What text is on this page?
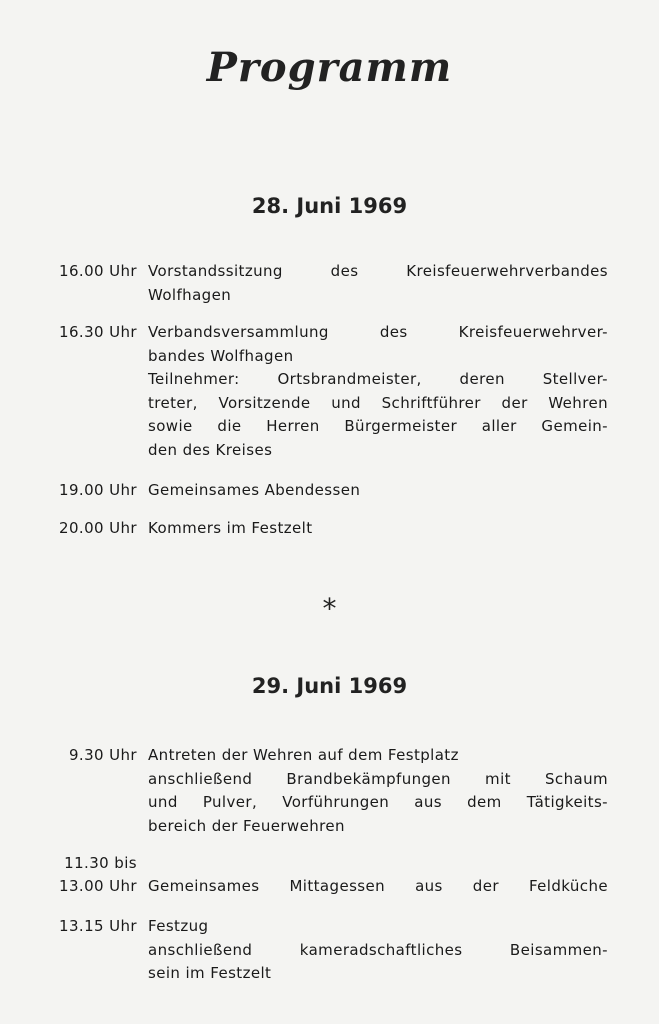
Programm
28. Juni 1969
16.00 Uhr Vorstandssitzung des Kreisfeuerwehrverbandes
Wolfhagen
16.30 Uhr Verbandsversammlung des Kreisfeuerwehrver-
bandes Wolfhagen
Teilnehmer: Ortsbrandmeister, deren Stellver-
treter, Vorsitzende und Schriftführer der Wehren
sowie die Herren Bürgermeister aller Gemein-
den des Kreises
19.00 Uhr Gemeinsames Abendessen
20.00 Uhr Kommers im Festzelt
*
29. Juni 1969
9.30 Uhr Antreten der Wehren auf dem Festplatz
anschließend Brandbekämpfungen mit Schaum
und Pulver, Vorführungen aus dem Tätigkeits-
bereich der Feuerwehren
11.30 bis
13.00 Uhr Gemeinsames Mittagessen aus der Feldküche
13.15 Uhr Festzug
anschließend kameradschaftliches Beisammen-
sein im Festzelt
